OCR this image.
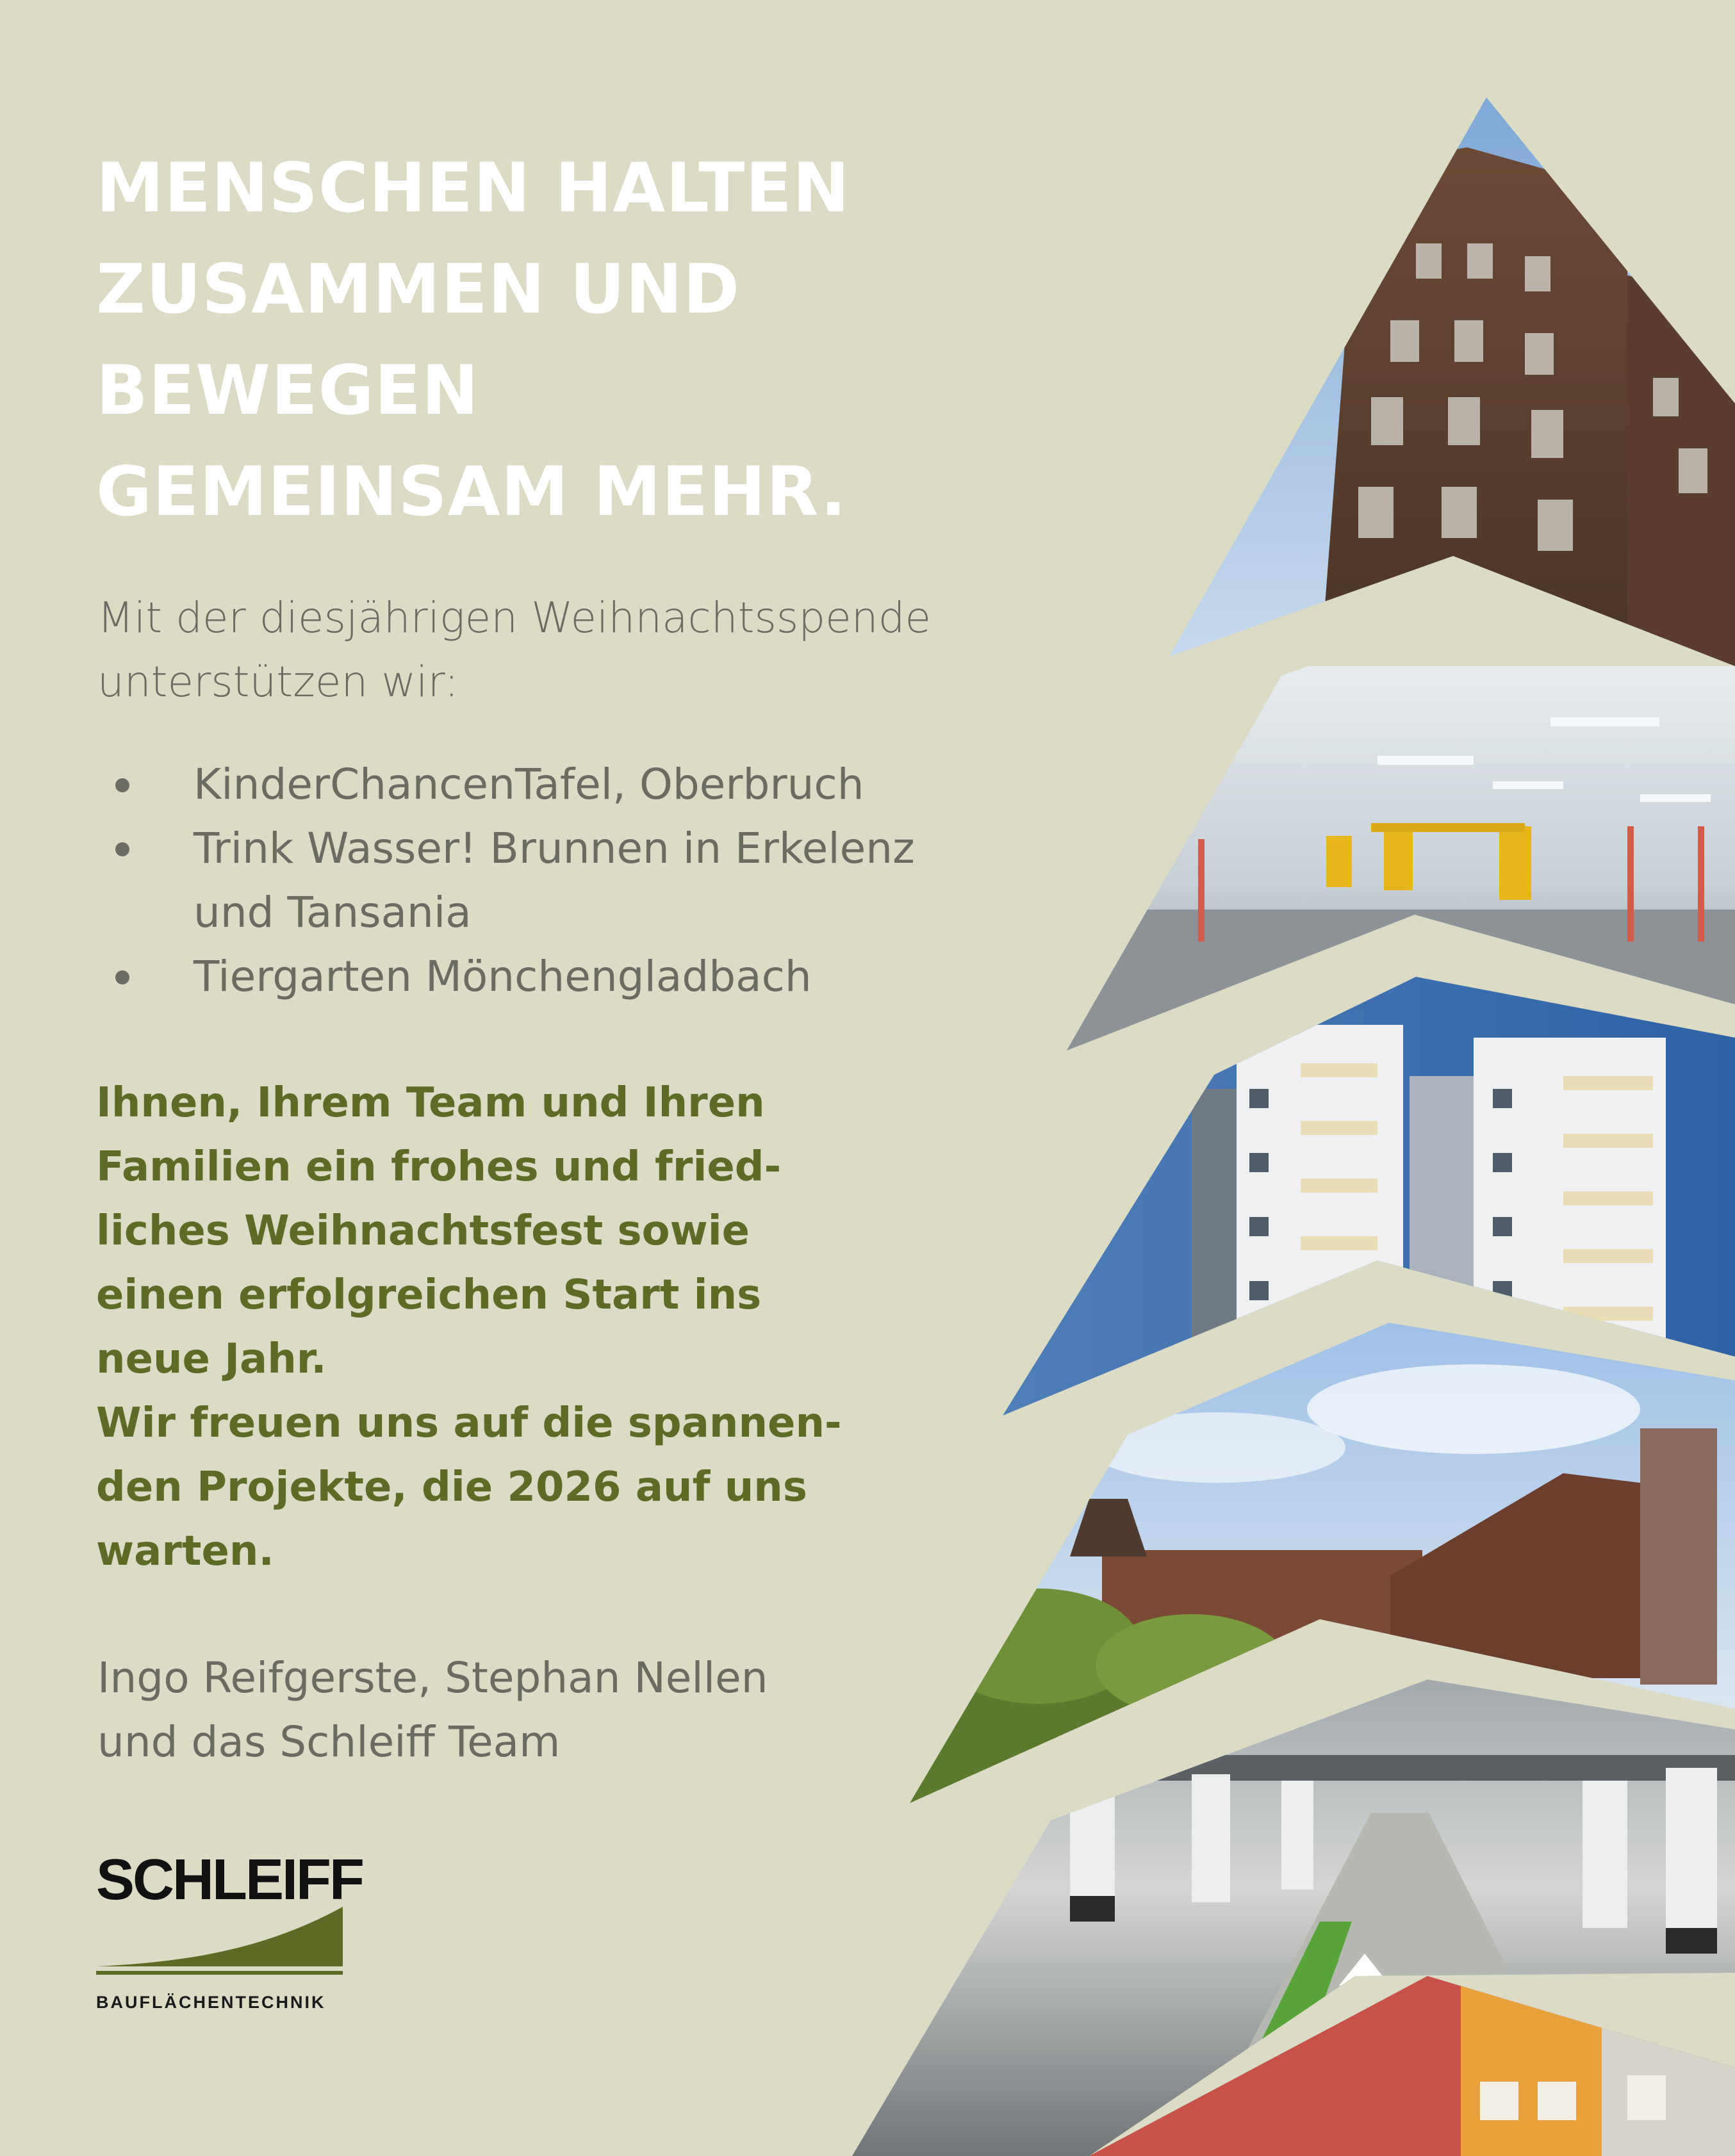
MENSCHEN HALTEN
ZUSAMMEN UND
BEWEGEN
GEMEINSAM MEHR.

Mit der diesjährigen Weihnachtsspende
unterstützen wir:

KinderChancenTafel, Oberbruch
Trink Wasser! Brunnen in Erkelenz
und Tansania
Tiergarten Mönchengladbach

Ihnen, Ihrem Team und Ihren
Familien ein frohes und fried-
liches Weihnachtsfest sowie
einen erfolgreichen Start ins
neue Jahr.
Wir freuen uns auf die spannen-
den Projekte, die 2026 auf uns
warten.

Ingo Reifgerste, Stephan Nellen
und das Schleiff Team

SCHLEIFF
BAUFLÄCHENTECHNIK
